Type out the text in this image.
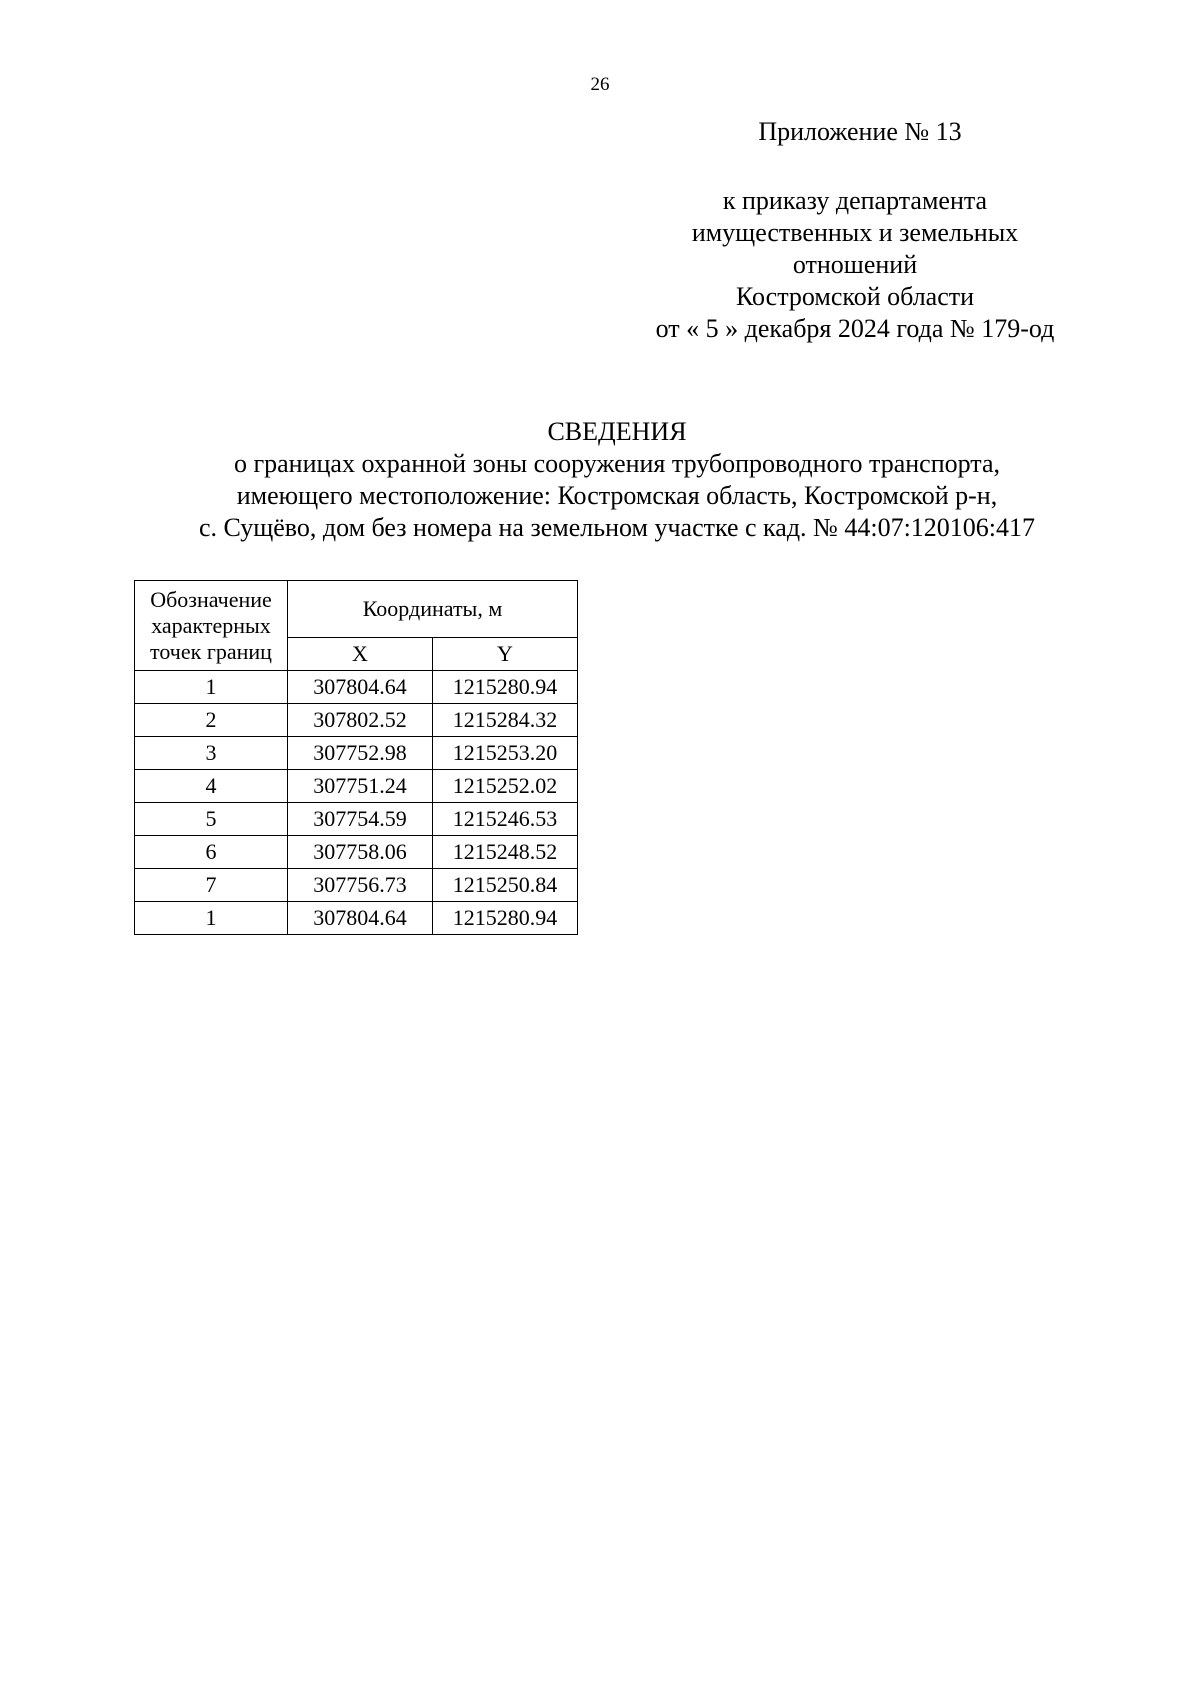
26

Приложение № 13

к приказу департамента

имущественных и земельных

отношений

Костромской области

от « 5 » декабря 2024 года № 179-од

СВЕДЕНИЯ

о границах охранной зоны сооружения трубопроводного транспорта,

имеющего местоположение: Костромская область, Костромской р-н,

с. Сущёво, дом без номера на земельном участке с кад. № 44:07:120106:417

Обозначение
характерных
точек границ	Координаты, м	
	X	Y
1	307804.64	1215280.94
2	307802.52	1215284.32
3	307752.98	1215253.20
4	307751.24	1215252.02
5	307754.59	1215246.53
6	307758.06	1215248.52
7	307756.73	1215250.84
1	307804.64	1215280.94
